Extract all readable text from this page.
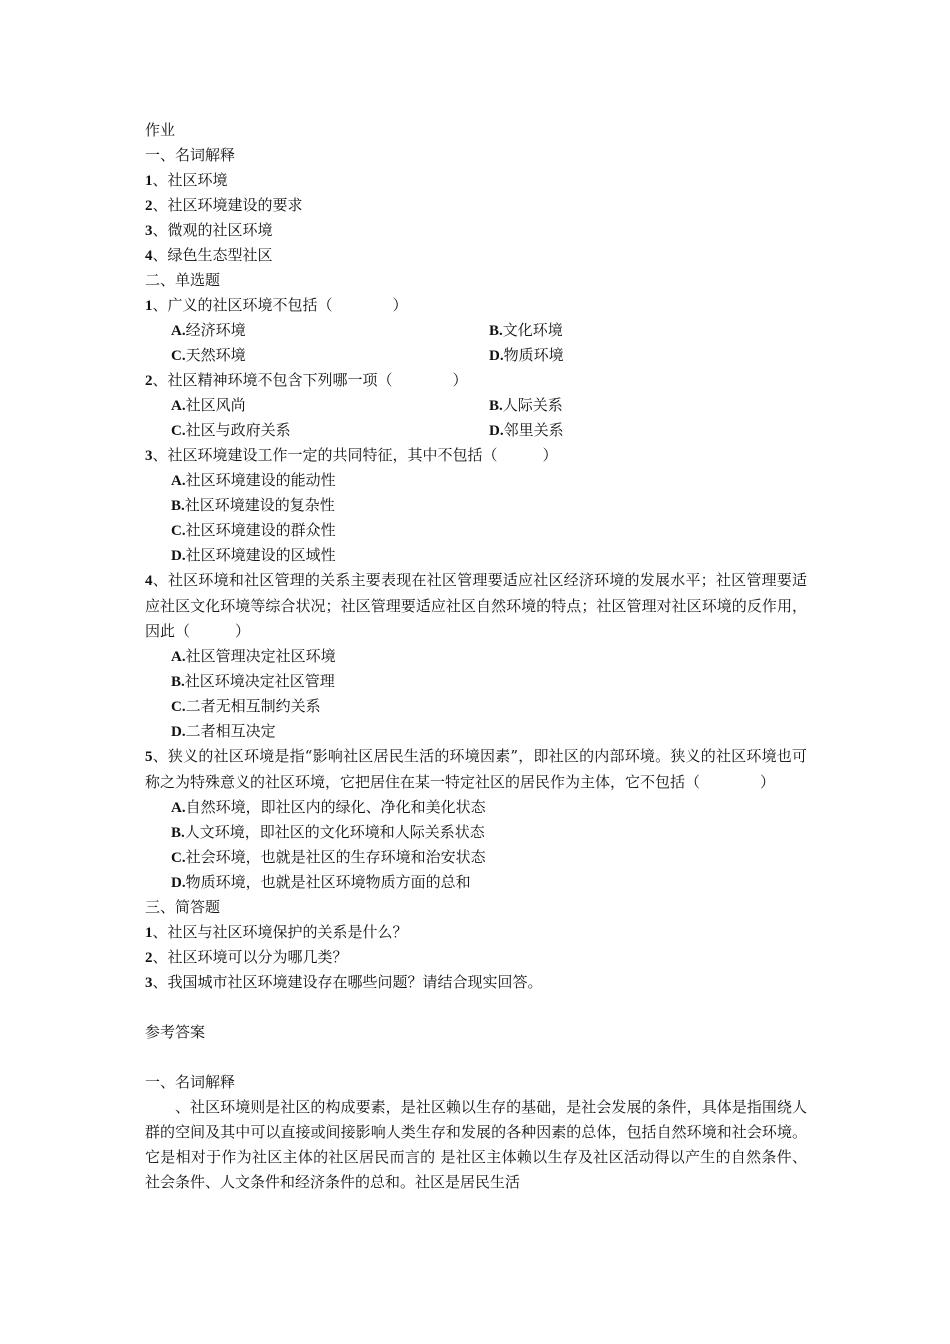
作业
一、名词解释
1、社区环境
2、社区环境建设的要求
3、微观的社区环境
4、绿色生态型社区
二、单选题
1、广义的社区环境不包括（　　　　）
A.经济环境	B.文化环境
C.天然环境	D.物质环境
2、社区精神环境不包含下列哪一项（　　　　）
A.社区风尚	B.人际关系
C.社区与政府关系	D.邻里关系
3、社区环境建设工作一定的共同特征，其中不包括（　　　）
A.社区环境建设的能动性
B.社区环境建设的复杂性
C.社区环境建设的群众性
D.社区环境建设的区域性
4、社区环境和社区管理的关系主要表现在社区管理要适应社区经济环境的发展水平；社区管理要适应社区文化环境等综合状况；社区管理要适应社区自然环境的特点；社区管理对社区环境的反作用，因此（　　　）
A.社区管理决定社区环境
B.社区环境决定社区管理
C.二者无相互制约关系
D.二者相互决定
5、狭义的社区环境是指“影响社区居民生活的环境因素”，即社区的内部环境。狭义的社区环境也可称之为特殊意义的社区环境，它把居住在某一特定社区的居民作为主体，它不包括（　　　　）
A.自然环境，即社区内的绿化、净化和美化状态
B.人文环境，即社区的文化环境和人际关系状态
C.社会环境，也就是社区的生存环境和治安状态
D.物质环境，也就是社区环境物质方面的总和
三、简答题
1、社区与社区环境保护的关系是什么？
2、社区环境可以分为哪几类？
3、我国城市社区环境建设存在哪些问题？请结合现实回答。
参考答案
一、名词解释
、社区环境则是社区的构成要素，是社区赖以生存的基础，是社会发展的条件，具体是指围绕人群的空间及其中可以直接或间接影响人类生存和发展的各种因素的总体，包括自然环境和社会环境。它是相对于作为社区主体的社区居民而言的 是社区主体赖以生存及社区活动得以产生的自然条件、社会条件、人文条件和经济条件的总和。社区是居民生活
